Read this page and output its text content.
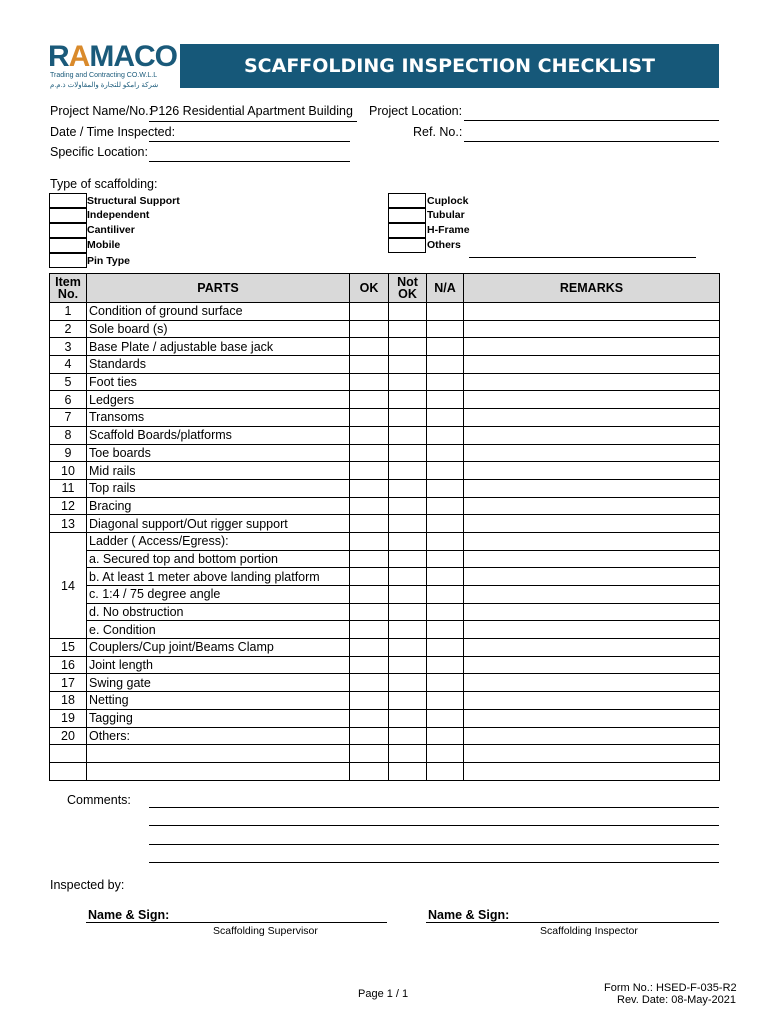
RAMACO
Trading and Contracting CO.W.L.L
شركة رامكو للتجارة والمقاولات ذ.م.م
SCAFFOLDING INSPECTION CHECKLIST
Project Name/No.:
P126 Residential Apartment Building Project Location:
Date / Time Inspected:	Ref. No.:
Specific Location:
Type of scaffolding:
Structural Support
Independent
Cantiliver
Mobile
Pin Type
Cuplock
Tubular
H-Frame
Others
Item No.	PARTS	OK	Not OK	N/A	REMARKS
1	Condition of ground surface				
2	Sole board (s)				
3	Base Plate / adjustable base jack				
4	Standards				
5	Foot ties				
6	Ledgers				
7	Transoms				
8	Scaffold Boards/platforms				
9	Toe boards				
10	Mid rails				
11	Top rails				
12	Bracing				
13	Diagonal support/Out rigger support				
14	Ladder ( Access/Egress):				
	a. Secured top and bottom portion				
	b. At least 1 meter above landing platform				
	c. 1:4 / 75 degree angle				
	d. No obstruction				
	e. Condition				
15	Couplers/Cup joint/Beams Clamp				
16	Joint length				
17	Swing gate				
18	Netting				
19	Tagging				
20	Others:				

Comments:
Inspected by:
Name & Sign:
Scaffolding Supervisor
Name & Sign:
Scaffolding Inspector
Page 1 / 1	Form No.: HSED-F-035-R2
Rev. Date: 08-May-2021
